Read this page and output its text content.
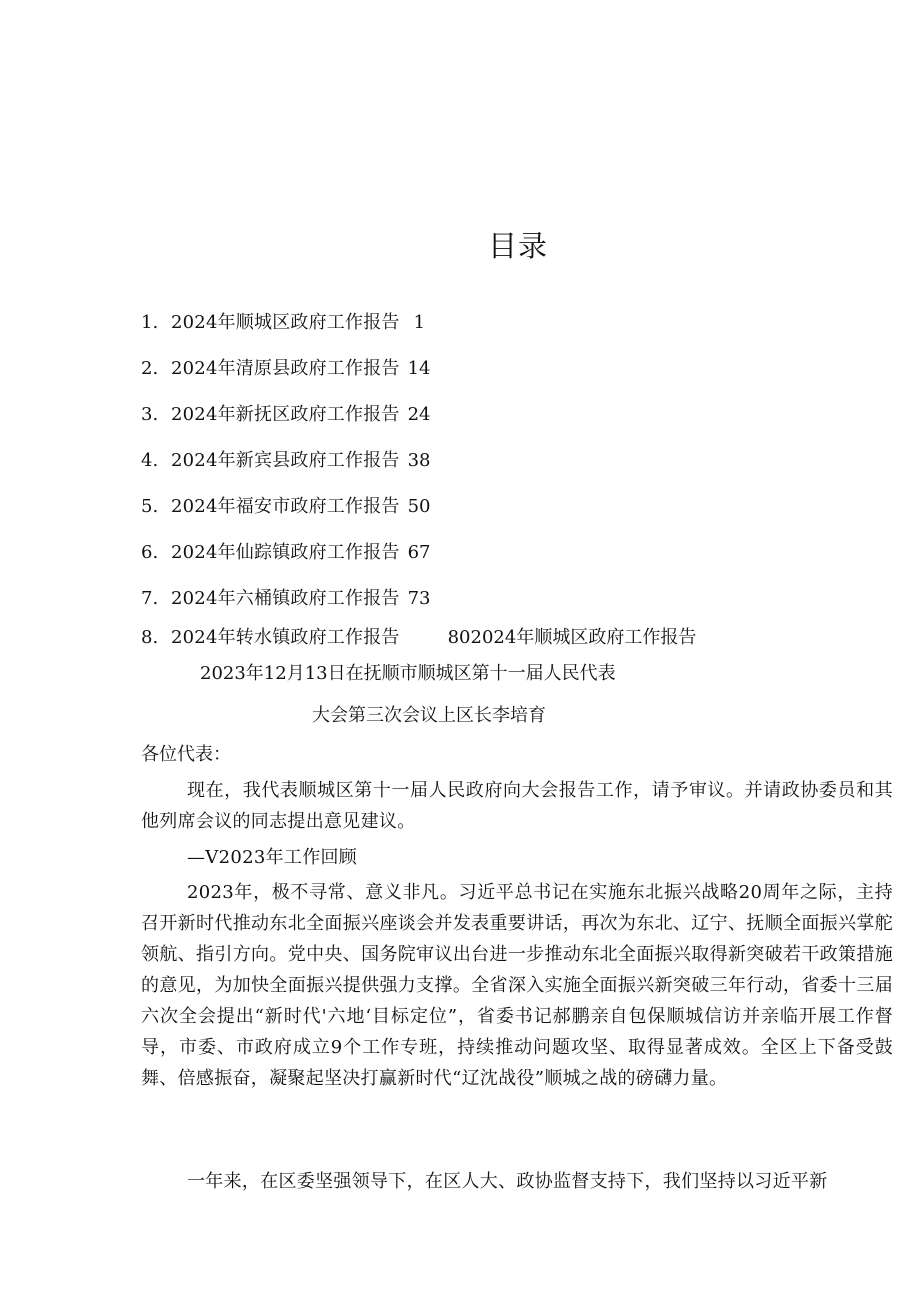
目录
1. 2024年顺城区政府工作报告 1
2. 2024年清原县政府工作报告 14
3. 2024年新抚区政府工作报告 24
4. 2024年新宾县政府工作报告 38
5. 2024年福安市政府工作报告 50
6. 2024年仙踪镇政府工作报告 67
7. 2024年六桶镇政府工作报告 73
8. 2024年转水镇政府工作报告	802024年顺城区政府工作报告
2023年12月13日在抚顺市顺城区第十一届人民代表
大会第三次会议上区长李培育
各位代表：
现在，我代表顺城区第十一届人民政府向大会报告工作，请予审议。并请政协委员和其他列席会议的同志提出意见建议。
—V2023年工作回顾
2023年，极不寻常、意义非凡。习近平总书记在实施东北振兴战略20周年之际，主持召开新时代推动东北全面振兴座谈会并发表重要讲话，再次为东北、辽宁、抚顺全面振兴掌舵领航、指引方向。党中央、国务院审议出台进一步推动东北全面振兴取得新突破若干政策措施的意见，为加快全面振兴提供强力支撑。全省深入实施全面振兴新突破三年行动，省委十三届六次全会提出“新时代'六地‘目标定位”，省委书记郝鹏亲自包保顺城信访并亲临开展工作督导，市委、市政府成立9个工作专班，持续推动问题攻坚、取得显著成效。全区上下备受鼓舞、倍感振奋，凝聚起坚决打赢新时代“辽沈战役”顺城之战的磅礴力量。
一年来，在区委坚强领导下，在区人大、政协监督支持下，我们坚持以习近平新
